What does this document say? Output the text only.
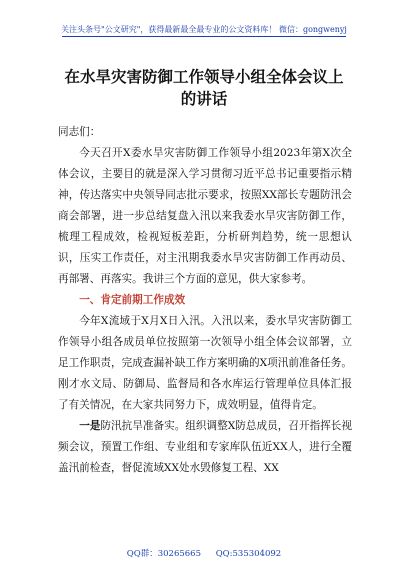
关注头条号"公文研究"，获得最新最全最专业的公文资料库！ 微信：gongwenyj
在水旱灾害防御工作领导小组全体会议上
的讲话

同志们：

今天召开X委水旱灾害防御工作领导小组2023年第X次全体会议，主要目的就是深入学习贯彻习近平总书记重要指示精神，传达落实中央领导同志批示要求，按照XX部长专题防汛会商会部署，进一步总结复盘入汛以来我委水旱灾害防御工作，梳理工程成效，检视短板差距，分析研判趋势，统一思想认识，压实工作责任，对主汛期我委水旱灾害防御工作再动员、再部署、再落实。我讲三个方面的意见，供大家参考。

一、肯定前期工作成效

今年X流域于X月X日入汛。入汛以来，委水旱灾害防御工作领导小组各成员单位按照第一次领导小组全体会议部署，立足工作职责，完成查漏补缺工作方案明确的X项汛前准备任务。刚才水文局、防御局、监督局和各水库运行管理单位具体汇报了有关情况，在大家共同努力下，成效明显，值得肯定。

一是防汛抗旱准备实。组织调整X防总成员，召开指挥长视频会议，预置工作组、专业组和专家库队伍近XX人，进行全覆盖汛前检查，督促流域XX处水毁修复工程、XX

QQ群：30265665 QQ:535304092
